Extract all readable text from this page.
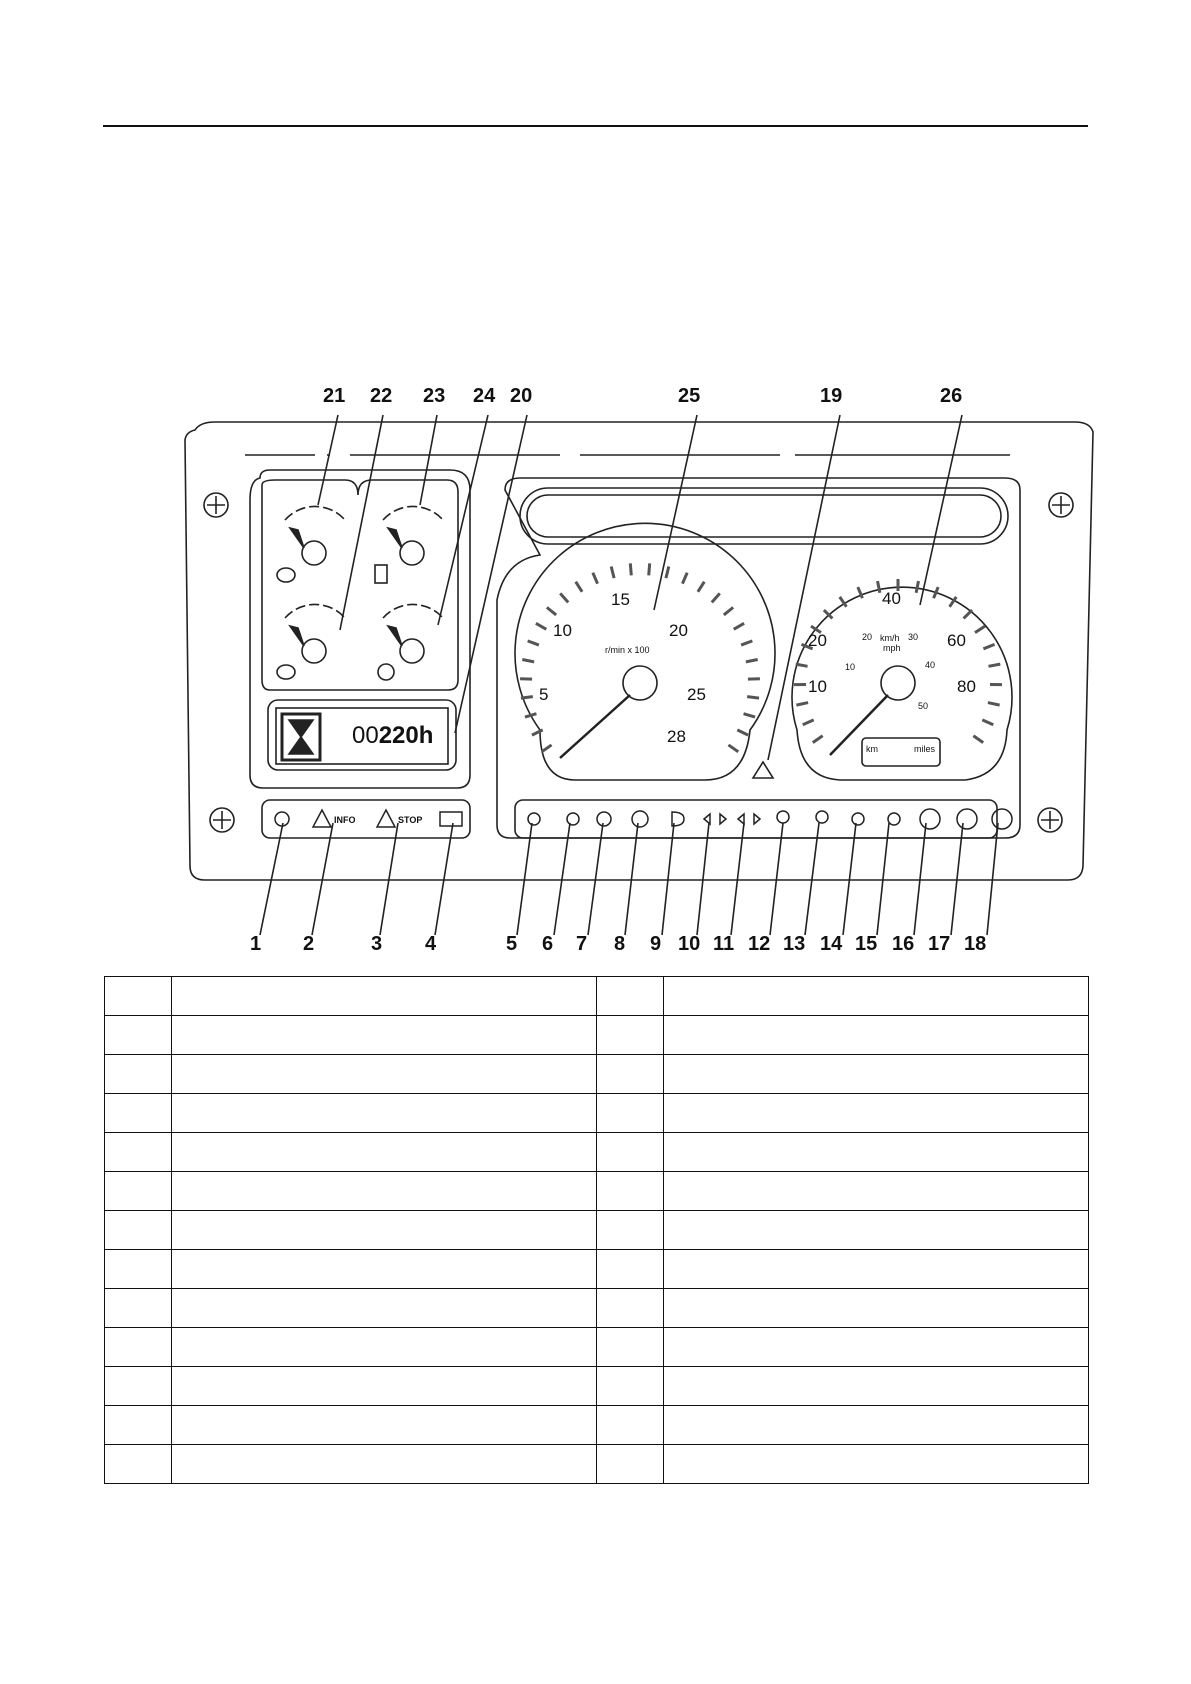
5
10
15
20
25
28
r/min x 100
10
20
40
60
80
10
20	30
40
50
km/h
mph
km	miles
00220h
INFO	STOP
21 22 23 24 20	25	19	26
1 2	3 4	5 6 7 8 9 10 11 12 13 14 15 16 17 18
